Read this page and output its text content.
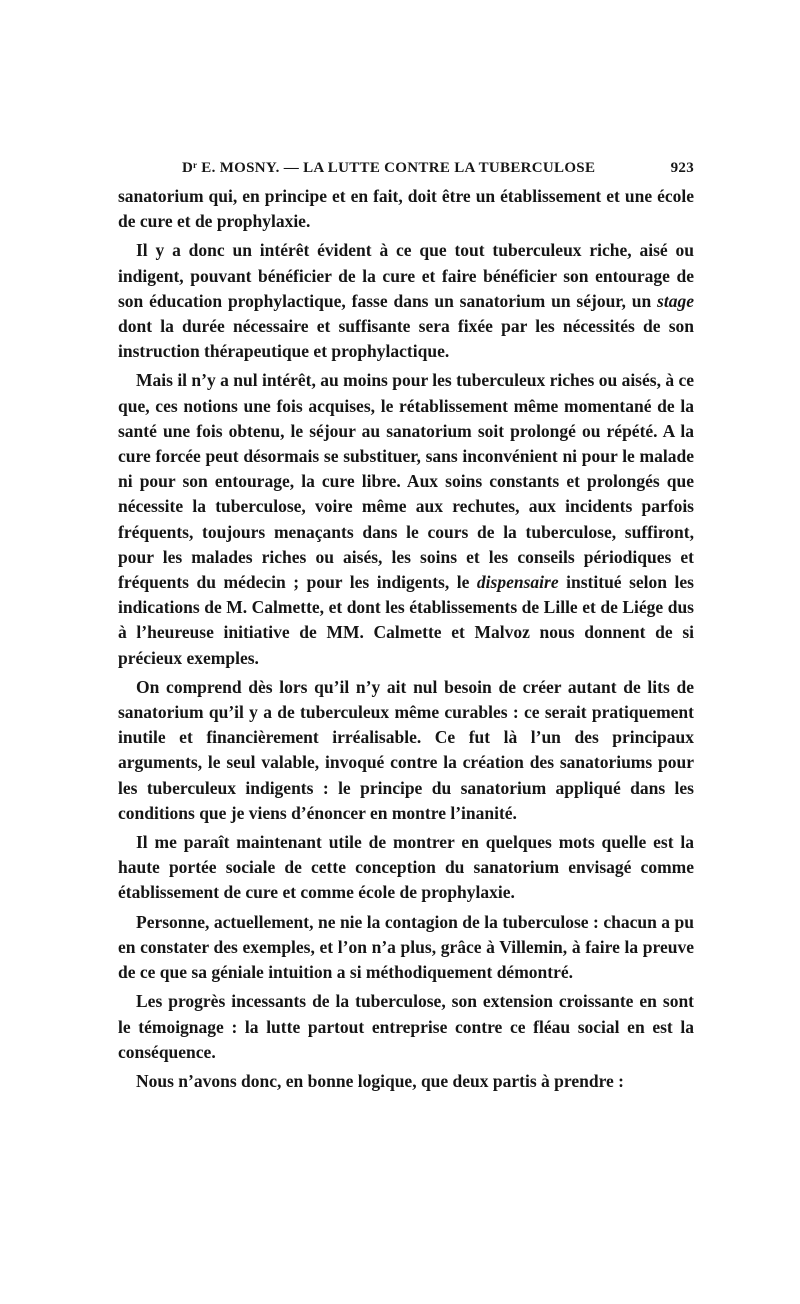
Dʳ E. MOSNY. — LA LUTTE CONTRE LA TUBERCULOSE	923

sanatorium qui, en principe et en fait, doit être un établissement et une école de cure et de prophylaxie.

Il y a donc un intérêt évident à ce que tout tuberculeux riche, aisé ou indigent, pouvant bénéficier de la cure et faire bénéficier son entourage de son éducation prophylactique, fasse dans un sanatorium un séjour, un stage dont la durée nécessaire et suffisante sera fixée par les nécessités de son instruction thérapeutique et prophylactique.

Mais il n’y a nul intérêt, au moins pour les tuberculeux riches ou aisés, à ce que, ces notions une fois acquises, le rétablissement même momentané de la santé une fois obtenu, le séjour au sanatorium soit prolongé ou répété. A la cure forcée peut désormais se substituer, sans inconvénient ni pour le malade ni pour son entourage, la cure libre. Aux soins constants et prolongés que nécessite la tuberculose, voire même aux rechutes, aux incidents parfois fréquents, toujours menaçants dans le cours de la tuberculose, suffiront, pour les malades riches ou aisés, les soins et les conseils périodiques et fréquents du médecin ; pour les indigents, le dispensaire institué selon les indications de M. Calmette, et dont les établissements de Lille et de Liége dus à l’heureuse initiative de MM. Calmette et Malvoz nous donnent de si précieux exemples.

On comprend dès lors qu’il n’y ait nul besoin de créer autant de lits de sanatorium qu’il y a de tuberculeux même curables : ce serait pratiquement inutile et financièrement irréalisable. Ce fut là l’un des principaux arguments, le seul valable, invoqué contre la création des sanatoriums pour les tuberculeux indigents : le principe du sanatorium appliqué dans les conditions que je viens d’énoncer en montre l’inanité.

Il me paraît maintenant utile de montrer en quelques mots quelle est la haute portée sociale de cette conception du sanatorium envisagé comme établissement de cure et comme école de prophylaxie.

Personne, actuellement, ne nie la contagion de la tuberculose : chacun a pu en constater des exemples, et l’on n’a plus, grâce à Villemin, à faire la preuve de ce que sa géniale intuition a si méthodiquement démontré.

Les progrès incessants de la tuberculose, son extension croissante en sont le témoignage : la lutte partout entreprise contre ce fléau social en est la conséquence.

Nous n’avons donc, en bonne logique, que deux partis à prendre :
